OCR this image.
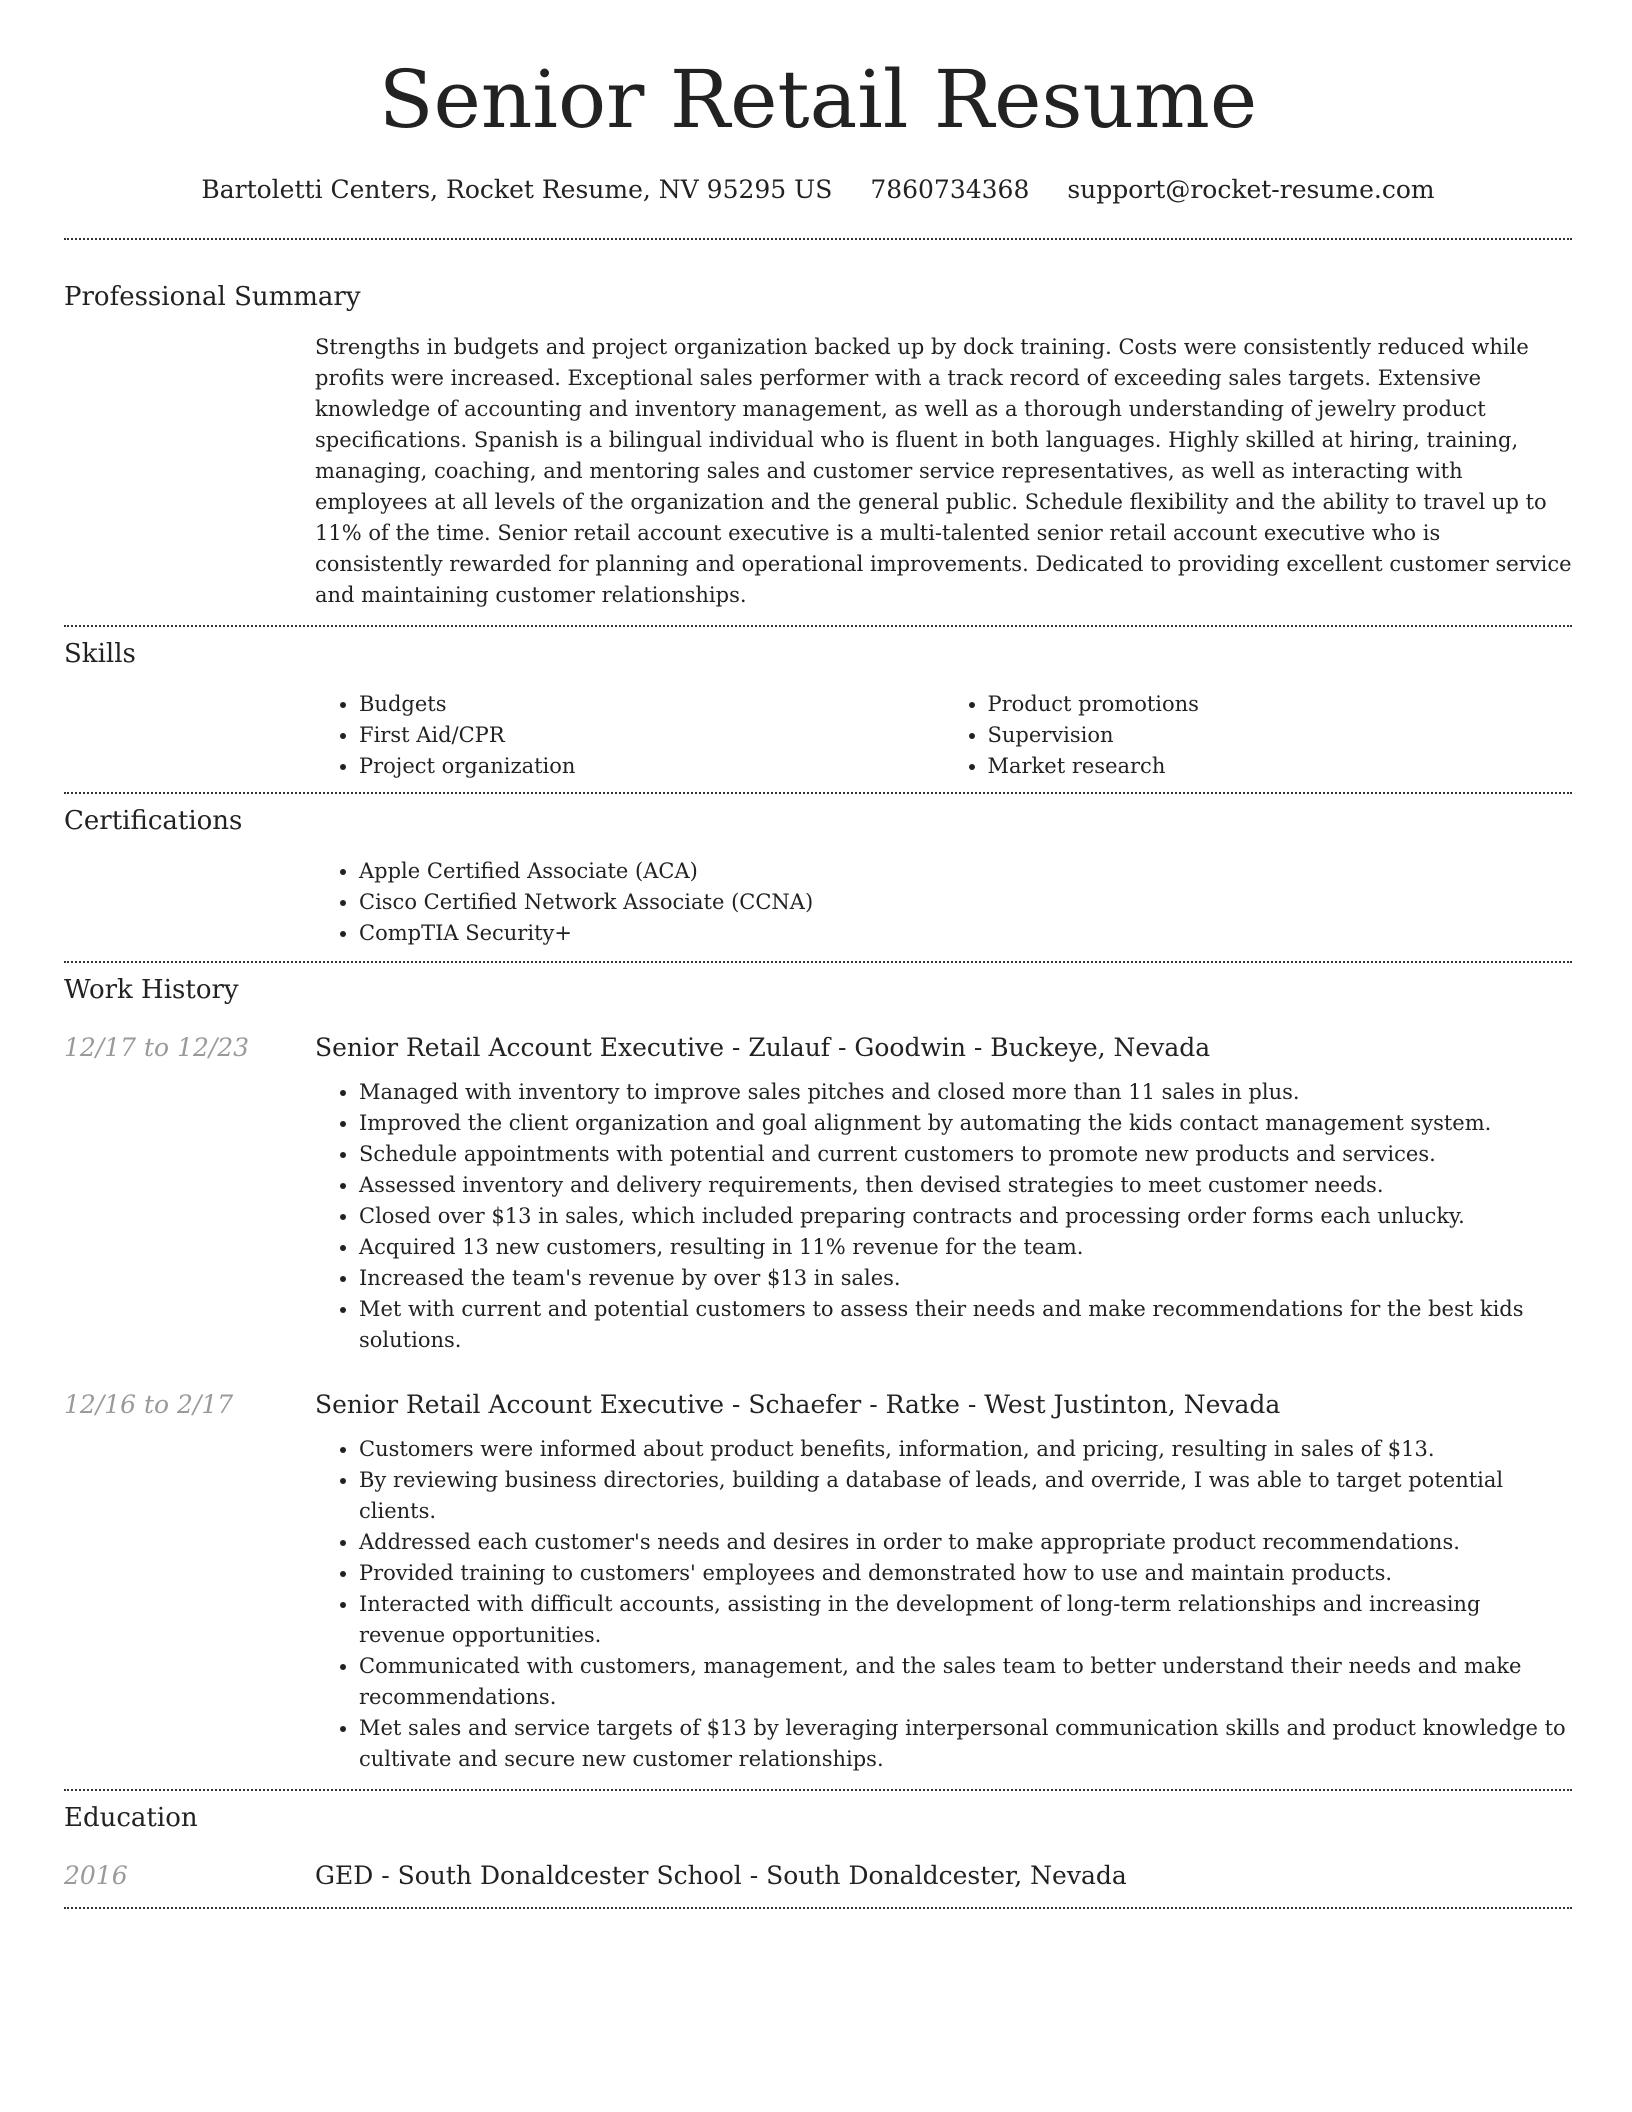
Senior Retail Resume
Bartoletti Centers, Rocket Resume, NV 95295 US 7860734368 support@rocket-resume.com
Professional Summary

Strengths in budgets and project organization backed up by dock training. Costs were consistently reduced while profits were increased. Exceptional sales performer with a track record of exceeding sales targets. Extensive knowledge of accounting and inventory management, as well as a thorough understanding of jewelry product specifications. Spanish is a bilingual individual who is fluent in both languages. Highly skilled at hiring, training, managing, coaching, and mentoring sales and customer service representatives, as well as interacting with employees at all levels of the organization and the general public. Schedule flexibility and the ability to travel up to 11% of the time. Senior retail account executive is a multi-talented senior retail account executive who is consistently rewarded for planning and operational improvements. Dedicated to providing excellent customer service and maintaining customer relationships.

Skills
• Budgets
• First Aid/CPR
• Project organization
• Product promotions
• Supervision
• Market research
Certifications
• Apple Certified Associate (ACA)
• Cisco Certified Network Associate (CCNA)
• CompTIA Security+
Work History
12/17 to 12/23	Senior Retail Account Executive - Zulauf - Goodwin - Buckeye, Nevada
• Managed with inventory to improve sales pitches and closed more than 11 sales in plus.
• Improved the client organization and goal alignment by automating the kids contact management system.
• Schedule appointments with potential and current customers to promote new products and services.
• Assessed inventory and delivery requirements, then devised strategies to meet customer needs.
• Closed over $13 in sales, which included preparing contracts and processing order forms each unlucky.
• Acquired 13 new customers, resulting in 11% revenue for the team.
• Increased the team's revenue by over $13 in sales.
• Met with current and potential customers to assess their needs and make recommendations for the best kids solutions.
12/16 to 2/17	Senior Retail Account Executive - Schaefer - Ratke - West Justinton, Nevada
• Customers were informed about product benefits, information, and pricing, resulting in sales of $13.
• By reviewing business directories, building a database of leads, and override, I was able to target potential clients.
• Addressed each customer's needs and desires in order to make appropriate product recommendations.
• Provided training to customers' employees and demonstrated how to use and maintain products.
• Interacted with difficult accounts, assisting in the development of long-term relationships and increasing revenue opportunities.
• Communicated with customers, management, and the sales team to better understand their needs and make recommendations.
• Met sales and service targets of $13 by leveraging interpersonal communication skills and product knowledge to cultivate and secure new customer relationships.
Education
2016	GED - South Donaldcester School - South Donaldcester, Nevada
